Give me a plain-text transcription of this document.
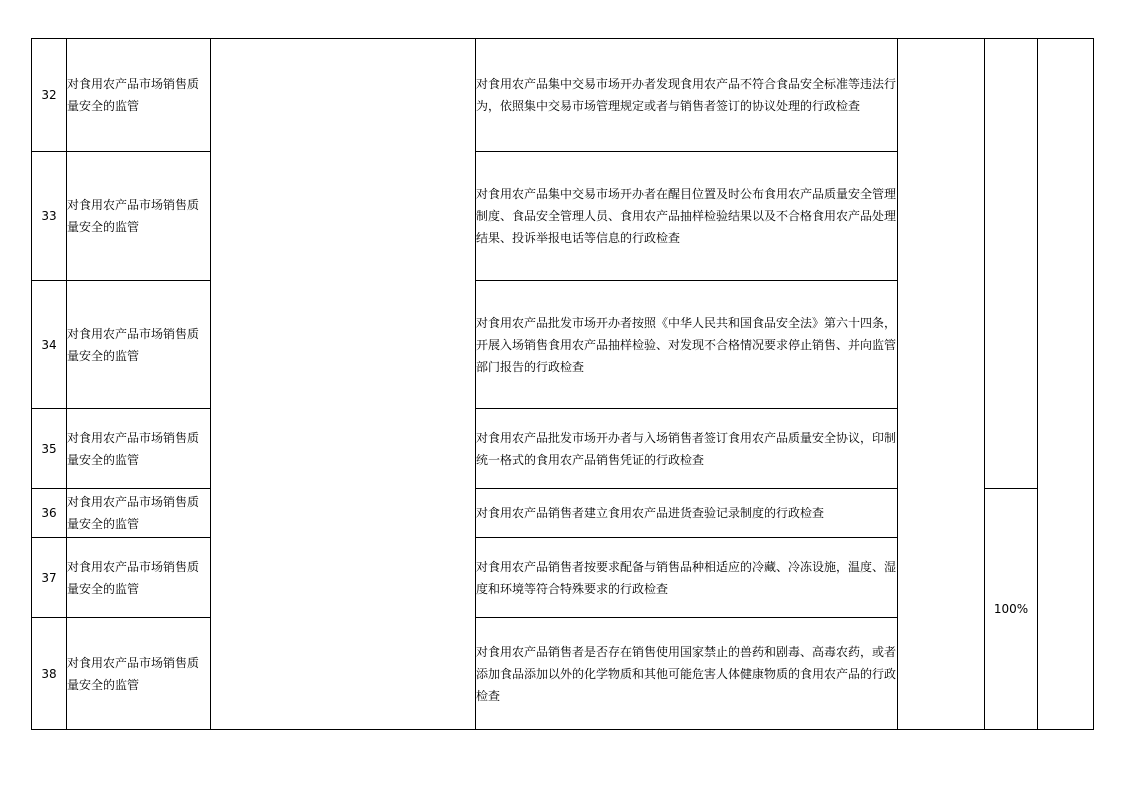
32	对食用农产品市场销售质量安全的监管		对食用农产品集中交易市场开办者发现食用农产品不符合食品安全标准等违法行为，依照集中交易市场管理规定或者与销售者签订的协议处理的行政检查			
33	对食用农产品市场销售质量安全的监管		对食用农产品集中交易市场开办者在醒目位置及时公布食用农产品质量安全管理制度、食品安全管理人员、食用农产品抽样检验结果以及不合格食用农产品处理结果、投诉举报电话等信息的行政检查			
34	对食用农产品市场销售质量安全的监管		对食用农产品批发市场开办者按照《中华人民共和国食品安全法》第六十四条，开展入场销售食用农产品抽样检验、对发现不合格情况要求停止销售、并向监管部门报告的行政检查			
35	对食用农产品市场销售质量安全的监管		对食用农产品批发市场开办者与入场销售者签订食用农产品质量安全协议，印制统一格式的食用农产品销售凭证的行政检查			
36	对食用农产品市场销售质量安全的监管		对食用农产品销售者建立食用农产品进货查验记录制度的行政检查		100%	
37	对食用农产品市场销售质量安全的监管		对食用农产品销售者按要求配备与销售品种相适应的冷藏、冷冻设施，温度、湿度和环境等符合特殊要求的行政检查			
38	对食用农产品市场销售质量安全的监管		对食用农产品销售者是否存在销售使用国家禁止的兽药和剧毒、高毒农药，或者添加食品添加以外的化学物质和其他可能危害人体健康物质的食用农产品的行政检查			
